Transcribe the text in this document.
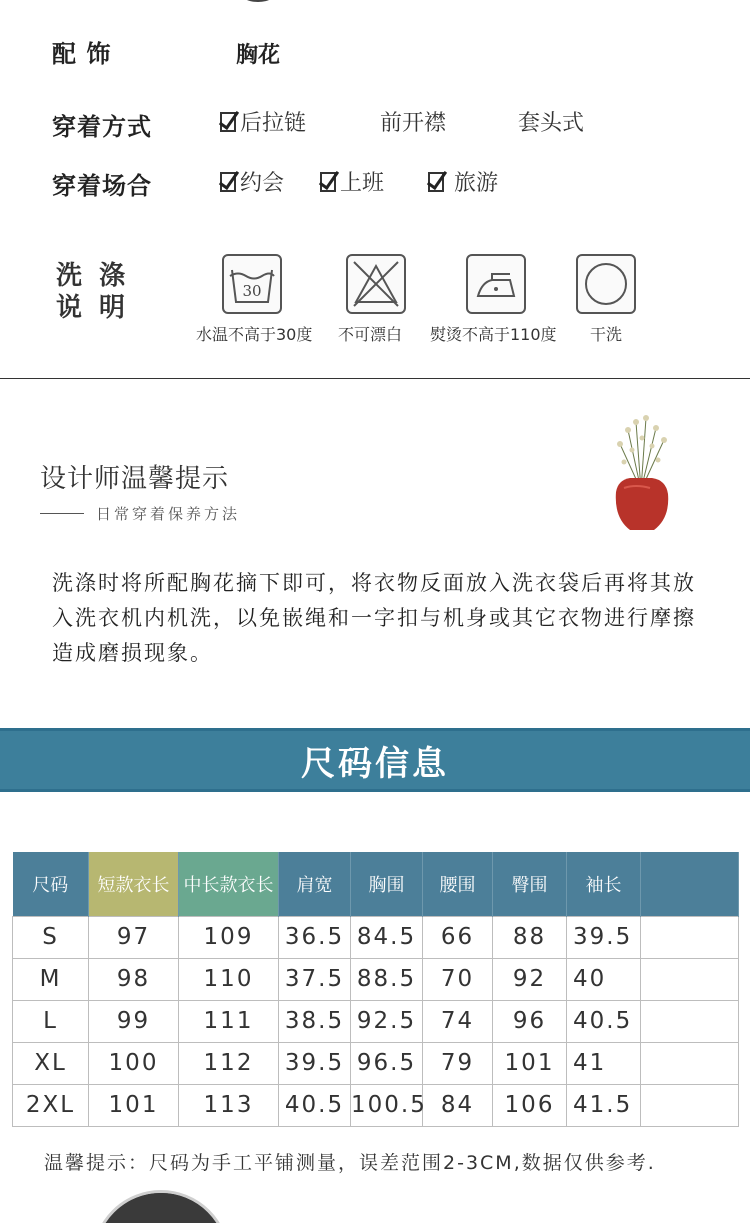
配 饰	胸花
穿着方式	后拉链	前开襟	套头式
穿着场合	约会	上班	旅游
洗 涤
说 明
30
水温不高于30度 不可漂白 熨烫不高于110度 干洗
设计师温馨提示
日常穿着保养方法
洗涤时将所配胸花摘下即可，将衣物反面放入洗衣袋后再将其放入洗衣机内机洗，以免嵌绳和一字扣与机身或其它衣物进行摩擦造成磨损现象。
尺码信息
尺码	短款衣长	中长款衣长	肩宽	胸围	腰围	臀围	袖长	
S	97	109	36.5	84.5	66	88	39.5	
M	98	110	37.5	88.5	70	92	40	
L	99	111	38.5	92.5	74	96	40.5	
XL	100	112	39.5	96.5	79	101	41	
2XL	101	113	40.5	100.5	84	106	41.5	
温馨提示：尺码为手工平铺测量，误差范围2-3CM,数据仅供参考.
